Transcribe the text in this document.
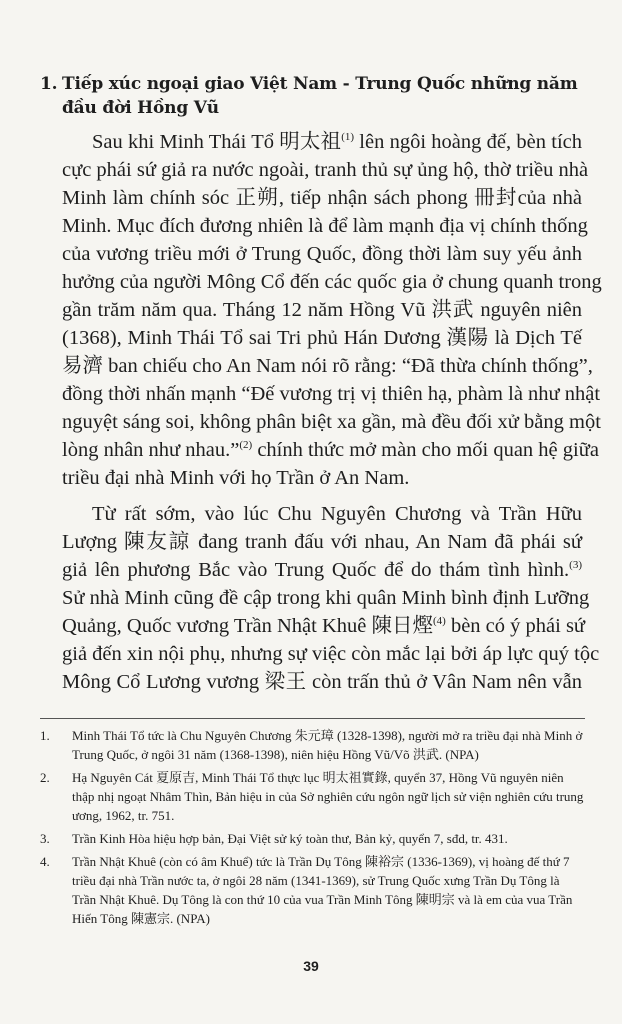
1. Tiếp xúc ngoại giao Việt Nam - Trung Quốc những năm
đầu đời Hồng Vũ
Sau khi Minh Thái Tổ 明太祖$^{(1)}$ lên ngôi hoàng đế, bèn tích
cực phái sứ giả ra nước ngoài, tranh thủ sự ủng hộ, thờ triều nhà
Minh làm chính sóc 正朔, tiếp nhận sách phong 冊封của nhà
Minh. Mục đích đương nhiên là để làm mạnh địa vị chính thống
của vương triều mới ở Trung Quốc, đồng thời làm suy yếu ảnh
hưởng của người Mông Cổ đến các quốc gia ở chung quanh trong
gần trăm năm qua. Tháng 12 năm Hồng Vũ 洪武 nguyên niên
(1368), Minh Thái Tổ sai Tri phủ Hán Dương 漢陽 là Dịch Tế
易濟 ban chiếu cho An Nam nói rõ rằng: “Đã thừa chính thống”,
đồng thời nhấn mạnh “Đế vương trị vị thiên hạ, phàm là như nhật
nguyệt sáng soi, không phân biệt xa gần, mà đều đối xử bằng một
lòng nhân như nhau.”$^{(2)}$ chính thức mở màn cho mối quan hệ giữa
triều đại nhà Minh với họ Trần ở An Nam.
Từ rất sớm, vào lúc Chu Nguyên Chương và Trần Hữu
Lượng 陳友諒 đang tranh đấu với nhau, An Nam đã phái sứ
giả lên phương Bắc vào Trung Quốc để do thám tình hình.$^{(3)}$
Sử nhà Minh cũng đề cập trong khi quân Minh bình định Lưỡng
Quảng, Quốc vương Trần Nhật Khuê 陳日熞$^{(4)}$ bèn có ý phái sứ
giả đến xin nội phụ, nhưng sự việc còn mắc lại bởi áp lực quý tộc
Mông Cổ Lương vương 梁王 còn trấn thủ ở Vân Nam nên vẫn
1.	Minh Thái Tổ tức là Chu Nguyên Chương 朱元璋 (1328-1398), người mở ra triều đại nhà Minh ở Trung Quốc, ở ngôi 31 năm (1368-1398), niên hiệu Hồng Vũ/Võ 洪武. (NPA)
2.	Hạ Nguyên Cát 夏原吉, Minh Thái Tổ thực lục 明太祖實錄, quyển 37, Hồng Vũ nguyên niên thập nhị ngoạt Nhâm Thìn, Bản hiệu in của Sở nghiên cứu ngôn ngữ lịch sử viện nghiên cứu trung ương, 1962, tr. 751.
3.	Trần Kinh Hòa hiệu hợp bản, Đại Việt sử ký toàn thư, Bản kỷ, quyển 7, sđd, tr. 431.
4.	Trần Nhật Khuê (còn có âm Khuể) tức là Trần Dụ Tông 陳裕宗 (1336-1369), vị hoàng đế thứ 7 triều đại nhà Trần nước ta, ở ngôi 28 năm (1341-1369), sử Trung Quốc xưng Trần Dụ Tông là Trần Nhật Khuê. Dụ Tông là con thứ 10 của vua Trần Minh Tông 陳明宗 và là em của vua Trần Hiến Tông 陳憲宗. (NPA)
39
